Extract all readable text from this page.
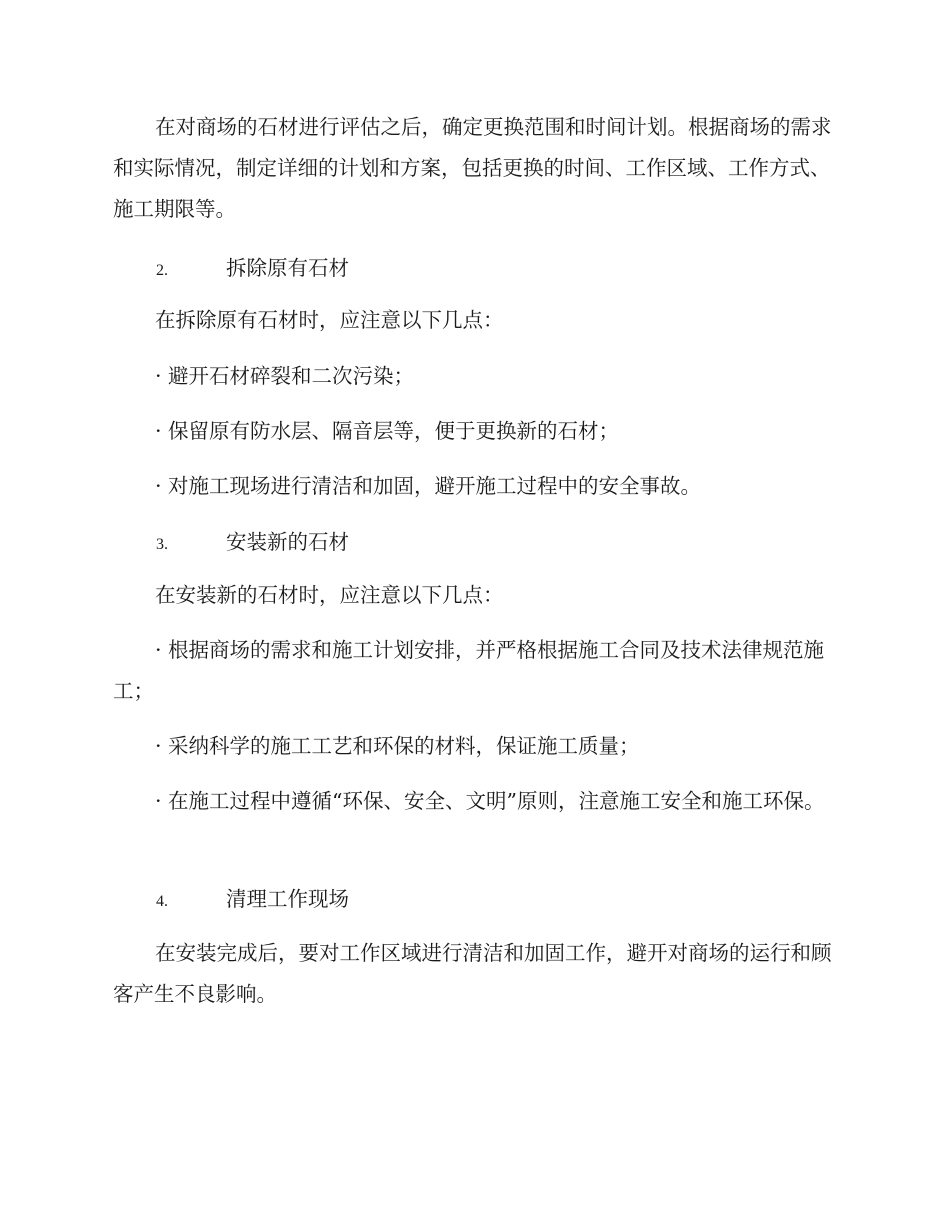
在对商场的石材进行评估之后，确定更换范围和时间计划。根据商场的需求和实际情况，制定详细的计划和方案，包括更换的时间、工作区域、工作方式、施工期限等。

2.	拆除原有石材

在拆除原有石材时，应注意以下几点：

· 避开石材碎裂和二次污染；

· 保留原有防水层、隔音层等，便于更换新的石材；

· 对施工现场进行清洁和加固，避开施工过程中的安全事故。

3.	安装新的石材

在安装新的石材时，应注意以下几点：

· 根据商场的需求和施工计划安排，并严格根据施工合同及技术法律规范施工；

· 采纳科学的施工工艺和环保的材料，保证施工质量；

· 在施工过程中遵循“环保、安全、文明”原则，注意施工安全和施工环保。

4.	清理工作现场

在安装完成后，要对工作区域进行清洁和加固工作，避开对商场的运行和顾客产生不良影响。
